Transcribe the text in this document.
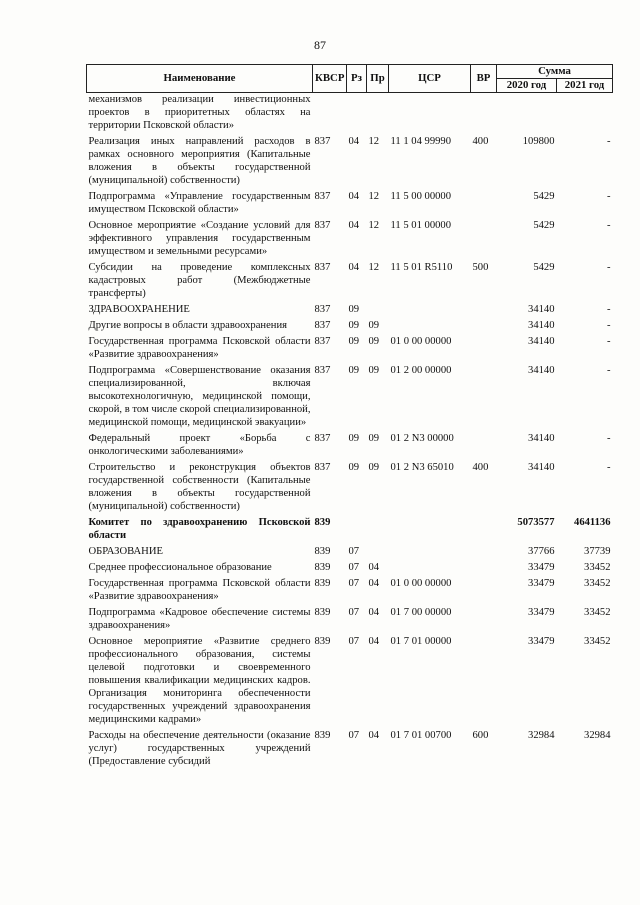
87
Наименование	КВСР	Рз	Пр	ЦСР	ВР	Сумма	
						2020 год	2021 год
механизмов реализации инвестиционных проектов в приоритетных областях на территории Псковской области»							
Реализация иных направлений расходов в рамках основного мероприятия (Капитальные вложения в объекты государственной (муниципальной) собственности)	837	04	12	11 1 04 99990	400	109800	-
Подпрограмма «Управление государственным имуществом Псковской области»	837	04	12	11 5 00 00000		5429	-
Основное мероприятие «Создание условий для эффективного управления государственным имуществом и земельными ресурсами»	837	04	12	11 5 01 00000		5429	-
Субсидии на проведение комплексных кадастровых работ (Межбюджетные трансферты)	837	04	12	11 5 01 R5110	500	5429	-
ЗДРАВООХРАНЕНИЕ	837	09				34140	-
Другие вопросы в области здравоохранения	837	09	09			34140	-
Государственная программа Псковской области «Развитие здравоохранения»	837	09	09	01 0 00 00000		34140	-
Подпрограмма «Совершенствование оказания специализированной, включая высокотехнологичную, медицинской помощи, скорой, в том числе скорой специализированной, медицинской помощи, медицинской эвакуации»	837	09	09	01 2 00 00000		34140	-
Федеральный проект «Борьба с онкологическими заболеваниями»	837	09	09	01 2 N3 00000		34140	-
Строительство и реконструкция объектов государственной собственности (Капитальные вложения в объекты государственной (муниципальной) собственности)	837	09	09	01 2 N3 65010	400	34140	-
Комитет по здравоохранению Псковской области	839					5073577	4641136
ОБРАЗОВАНИЕ	839	07				37766	37739
Среднее профессиональное образование	839	07	04			33479	33452
Государственная программа Псковской области «Развитие здравоохранения»	839	07	04	01 0 00 00000		33479	33452
Подпрограмма «Кадровое обеспечение системы здравоохранения»	839	07	04	01 7 00 00000		33479	33452
Основное мероприятие «Развитие среднего профессионального образования, системы целевой подготовки и своевременного повышения квалификации медицинских кадров. Организация мониторинга обеспеченности государственных учреждений здравоохранения медицинскими кадрами»	839	07	04	01 7 01 00000		33479	33452
Расходы на обеспечение деятельности (оказание услуг) государственных учреждений (Предоставление субсидий	839	07	04	01 7 01 00700	600	32984	32984
